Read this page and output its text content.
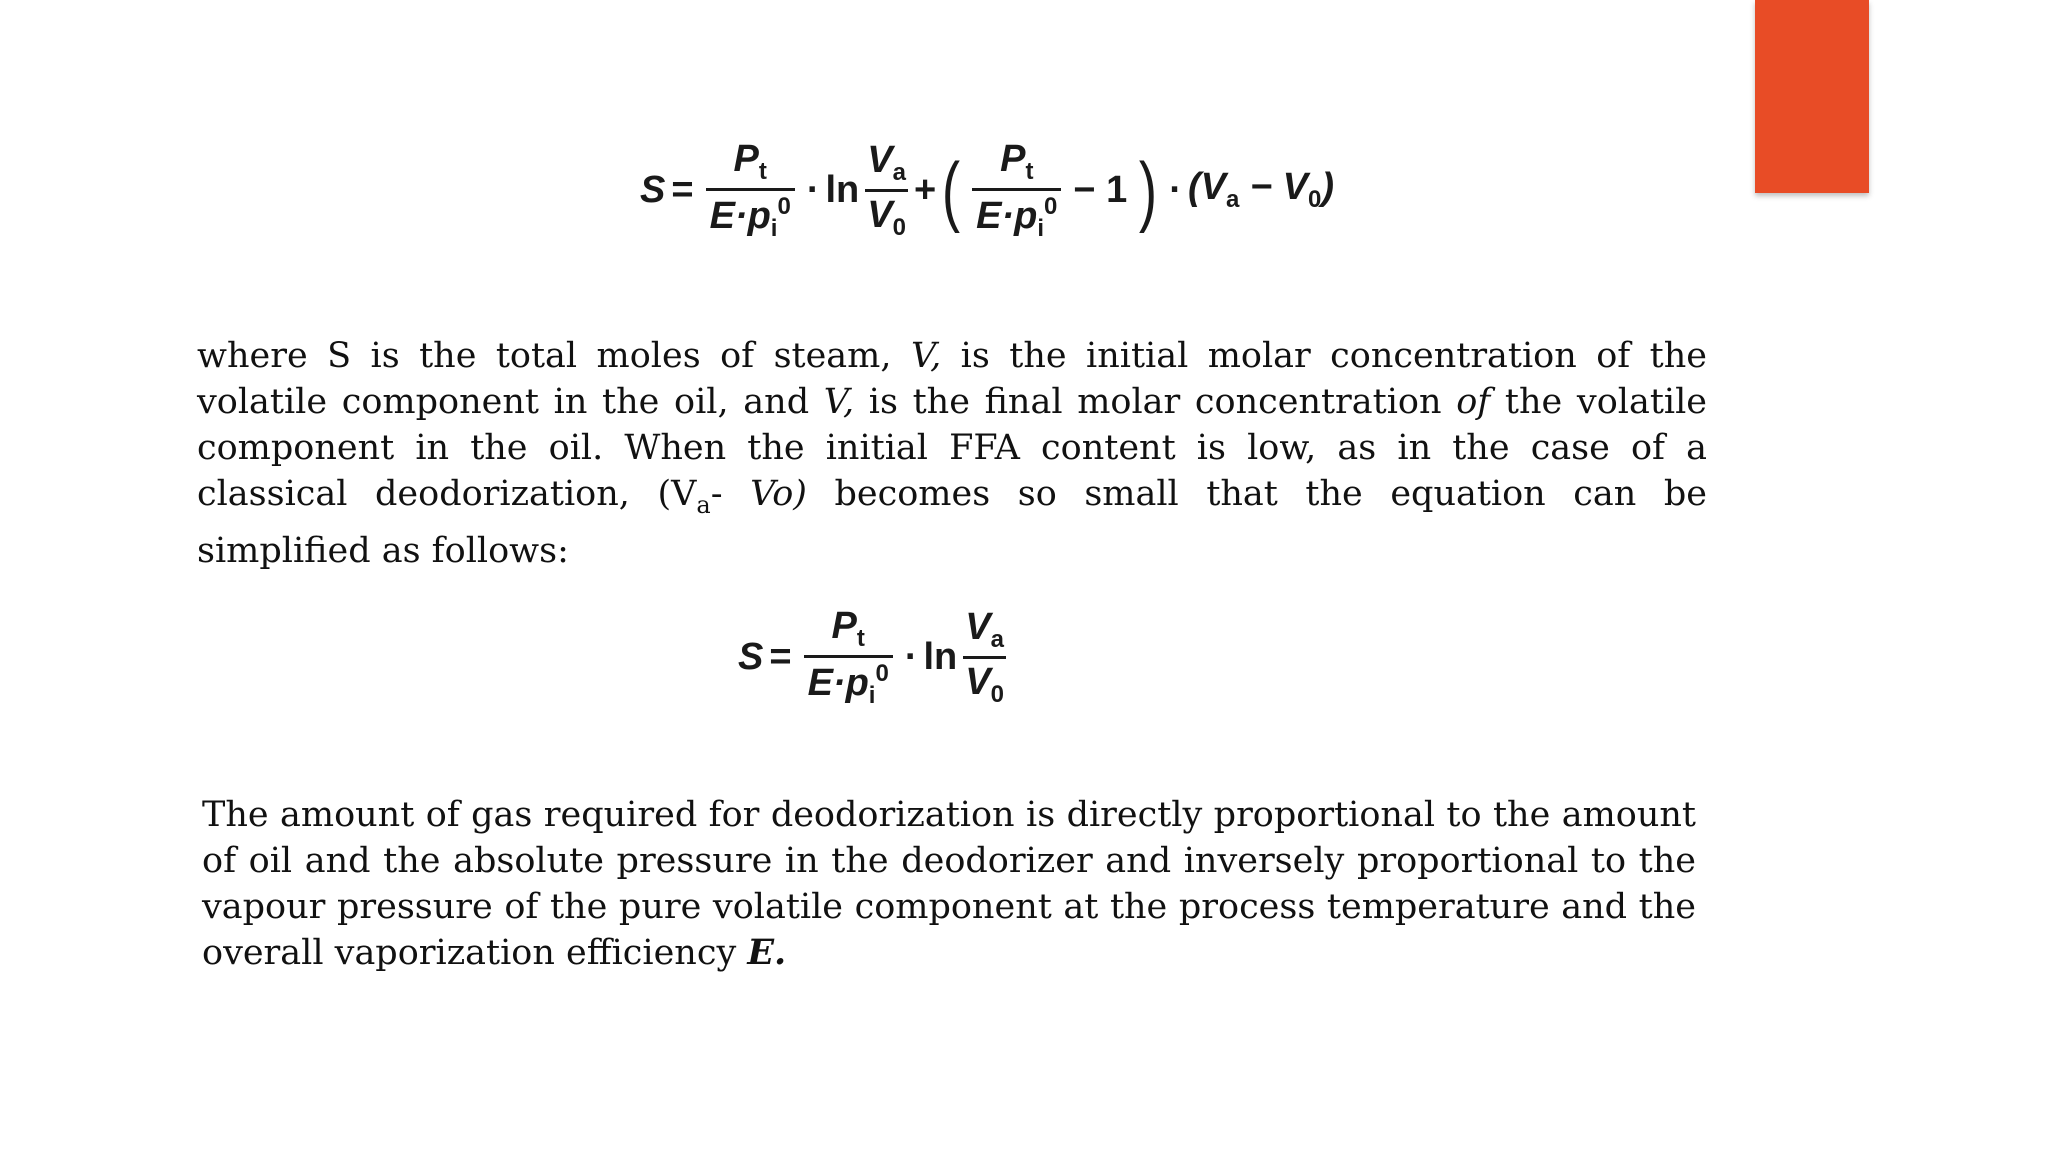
$S = \frac{P_t}{E\cdot p_i^0} \cdot \ln \frac{V_a}{V_0}$ + ( $\frac{P_t}{E\cdot p_i^0} - 1$ ) · $(V_a - V_0)$

where S is the total moles of steam, V, is the initial molar concentration of the volatile component in the oil, and V, is the final molar concentration of the volatile component in the oil. When the initial FFA content is low, as in the case of a classical deodorization, ($V_a-$ Vo) becomes so small that the equation can be simplified as follows:

$S = \frac{P_t}{E\cdot p_i^0} \cdot \ln \frac{V_a}{V_0}$

The amount of gas required for deodorization is directly proportional to the amount of oil and the absolute pressure in the deodorizer and inversely proportional to the vapour pressure of the pure volatile component at the process temperature and the overall vaporization efficiency E.
